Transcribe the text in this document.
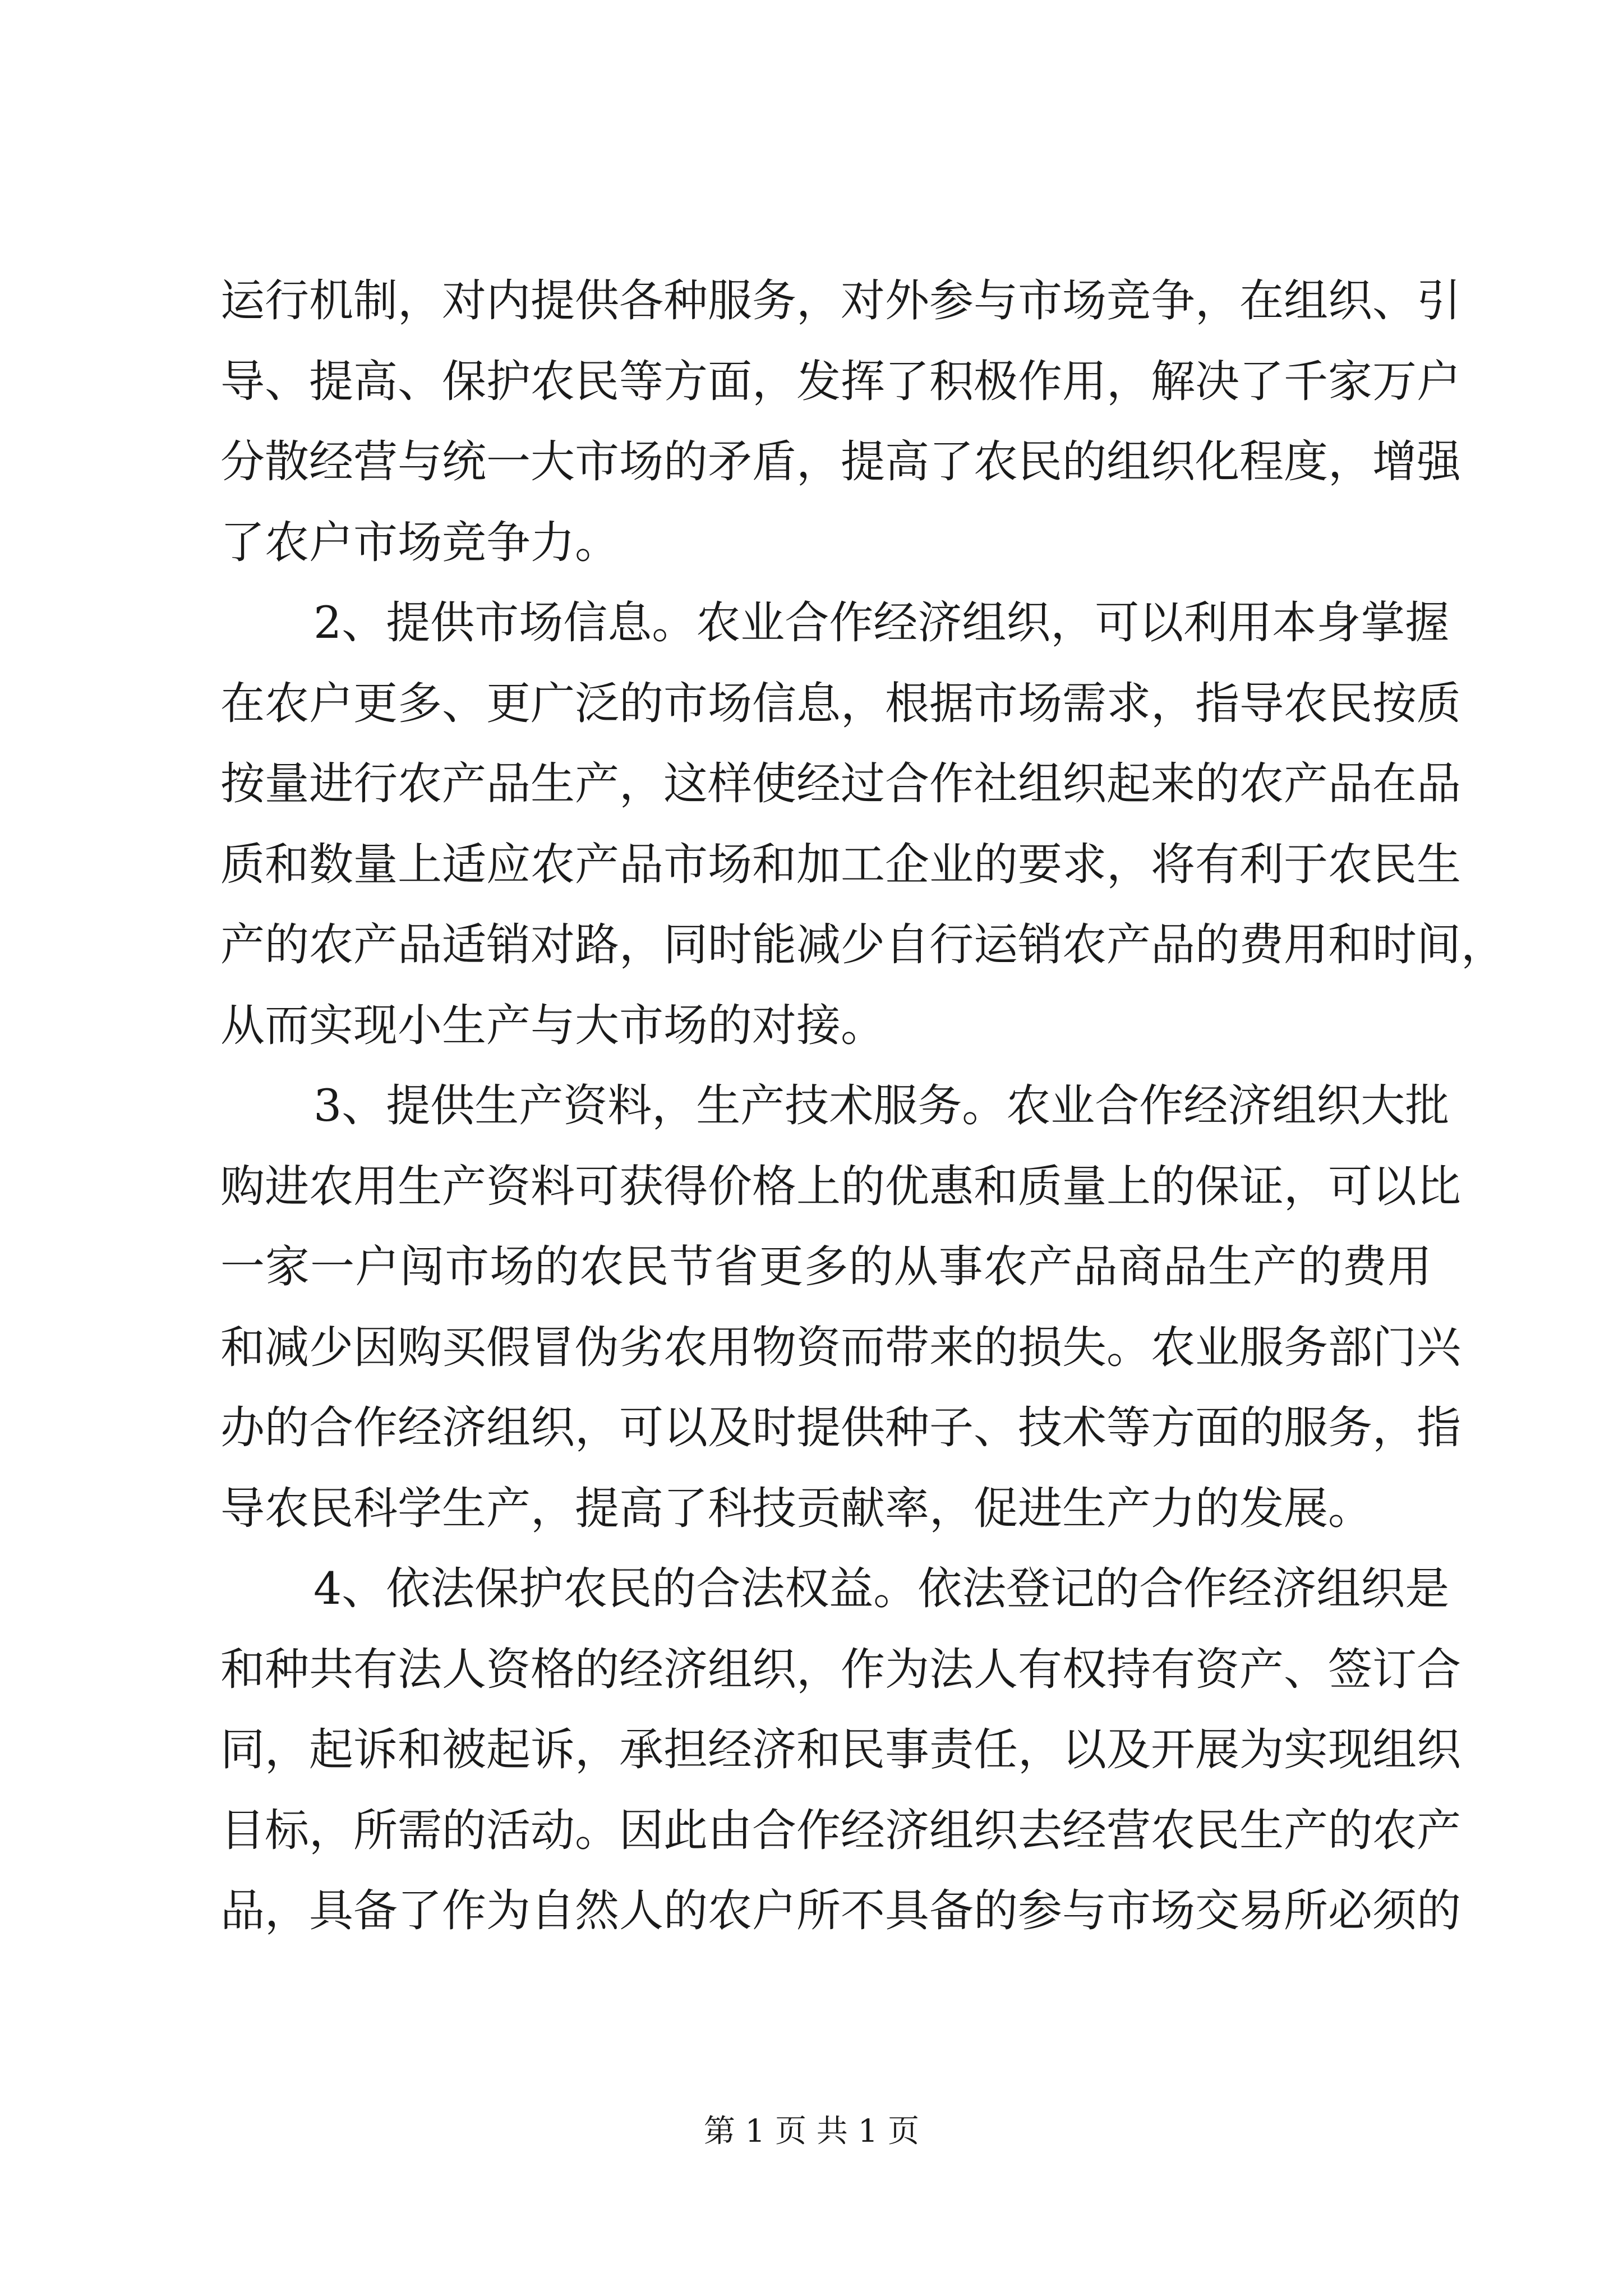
运行机制，对内提供各种服务，对外参与市场竞争，在组织、引
导、提高、保护农民等方面，发挥了积极作用，解决了千家万户
分散经营与统一大市场的矛盾，提高了农民的组织化程度，增强
了农户市场竞争力。
2、提供市场信息。农业合作经济组织，可以利用本身掌握
在农户更多、更广泛的市场信息，根据市场需求，指导农民按质
按量进行农产品生产，这样使经过合作社组织起来的农产品在品
质和数量上适应农产品市场和加工企业的要求，将有利于农民生
产的农产品适销对路，同时能减少自行运销农产品的费用和时间，
从而实现小生产与大市场的对接。
3、提供生产资料，生产技术服务。农业合作经济组织大批
购进农用生产资料可获得价格上的优惠和质量上的保证，可以比
一家一户闯市场的农民节省更多的从事农产品商品生产的费用
和减少因购买假冒伪劣农用物资而带来的损失。农业服务部门兴
办的合作经济组织，可以及时提供种子、技术等方面的服务，指
导农民科学生产，提高了科技贡献率，促进生产力的发展。
4、依法保护农民的合法权益。依法登记的合作经济组织是
和种共有法人资格的经济组织，作为法人有权持有资产、签订合
同，起诉和被起诉，承担经济和民事责任，以及开展为实现组织
目标，所需的活动。因此由合作经济组织去经营农民生产的农产
品，具备了作为自然人的农户所不具备的参与市场交易所必须的
第 1 页 共 1 页
